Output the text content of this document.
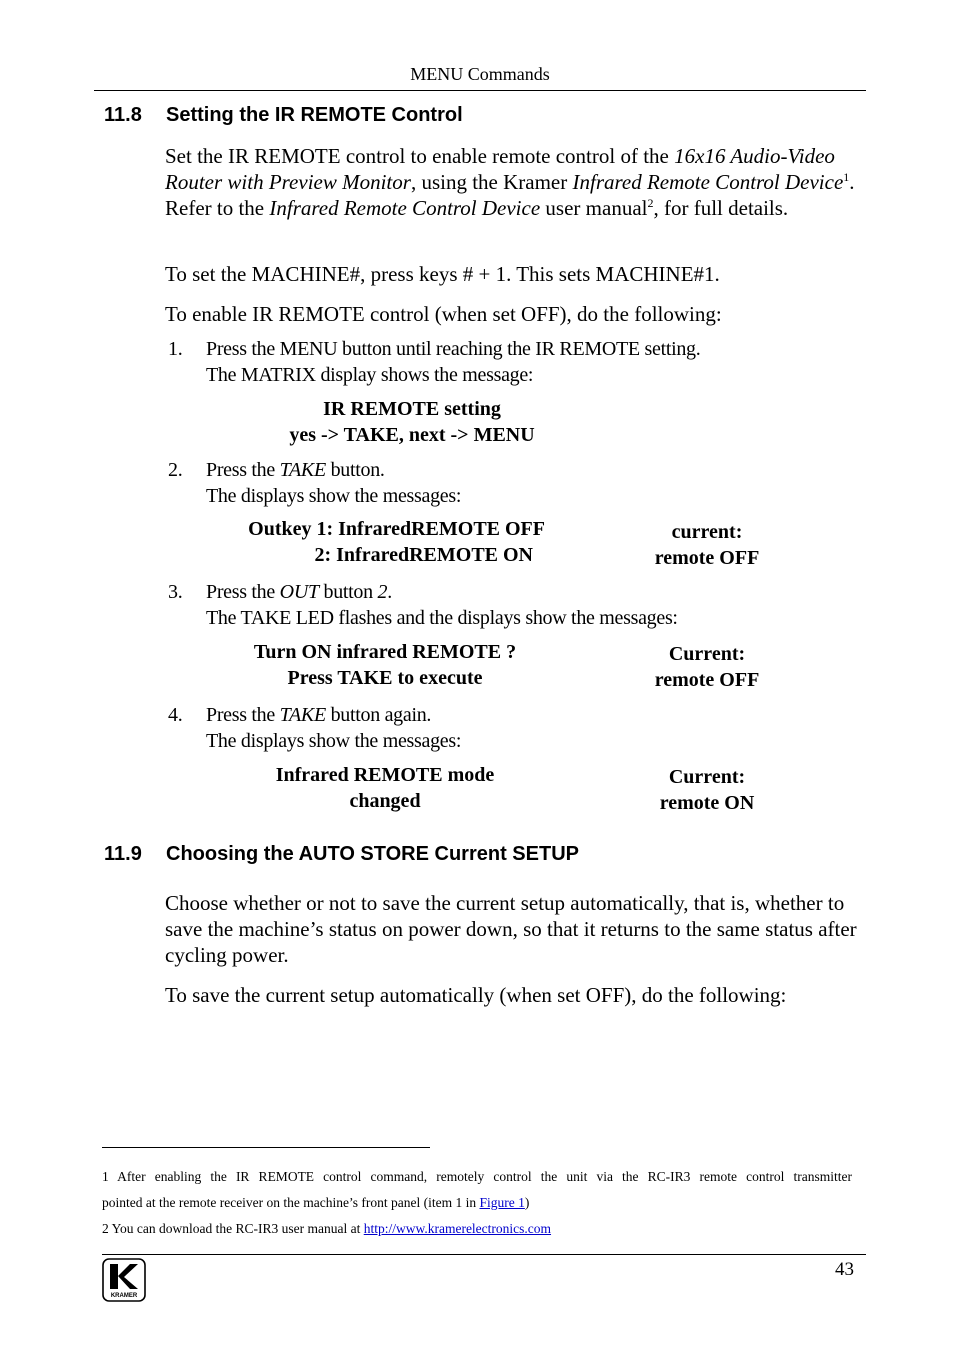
MENU Commands
11.8 Setting the IR REMOTE Control
Set the IR REMOTE control to enable remote control of the 16x16 Audio-Video Router with Preview Monitor, using the Kramer Infrared Remote Control Device$^1$. Refer to the Infrared Remote Control Device user manual$^2$, for full details.
To set the MACHINE#, press keys # + 1. This sets MACHINE#1.
To enable IR REMOTE control (when set OFF), do the following:
1. Press the MENU button until reaching the IR REMOTE setting.
The MATRIX display shows the message:
IR REMOTE setting
yes -> TAKE, next -> MENU
2. Press the TAKE button.
The displays show the messages:
Outkey 1: InfraredREMOTE OFF
2: InfraredREMOTE ON
current:
remote OFF
3. Press the OUT button 2.
The TAKE LED flashes and the displays show the messages:
Turn ON infrared REMOTE ?
Press TAKE to execute
Current:
remote OFF
4. Press the TAKE button again.
The displays show the messages:
Infrared REMOTE mode
changed
Current:
remote ON
11.9 Choosing the AUTO STORE Current SETUP
Choose whether or not to save the current setup automatically, that is, whether to save the machine’s status on power down, so that it returns to the same status after cycling power.
To save the current setup automatically (when set OFF), do the following:
1 After enabling the IR REMOTE control command, remotely control the unit via the RC-IR3 remote control transmitter
pointed at the remote receiver on the machine’s front panel (item 1 in Figure 1)
2 You can download the RC-IR3 user manual at http://www.kramerelectronics.com
KRAMER
43
